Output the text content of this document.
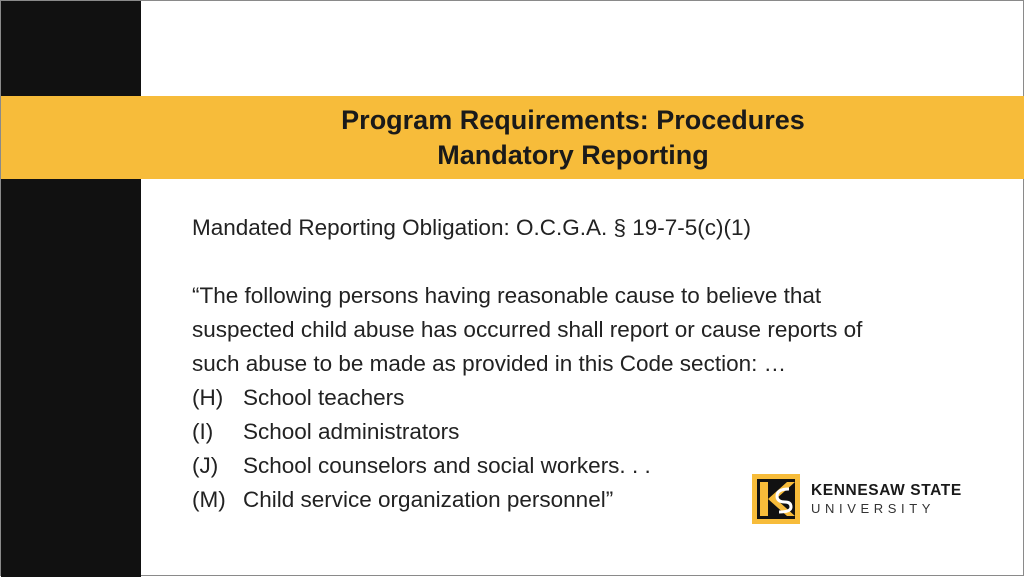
Program Requirements: Procedures
Mandatory Reporting

Mandated Reporting Obligation: O.C.G.A. § 19-7-5(c)(1)

“The following persons having reasonable cause to believe that

suspected child abuse has occurred shall report or cause reports of

such abuse to be made as provided in this Code section: …

(H) School teachers
(I)	School administrators
(J)	School counselors and social workers. . .
(M) Child service organization personnel”	KENNESAW STATE
UNIVERSITY
